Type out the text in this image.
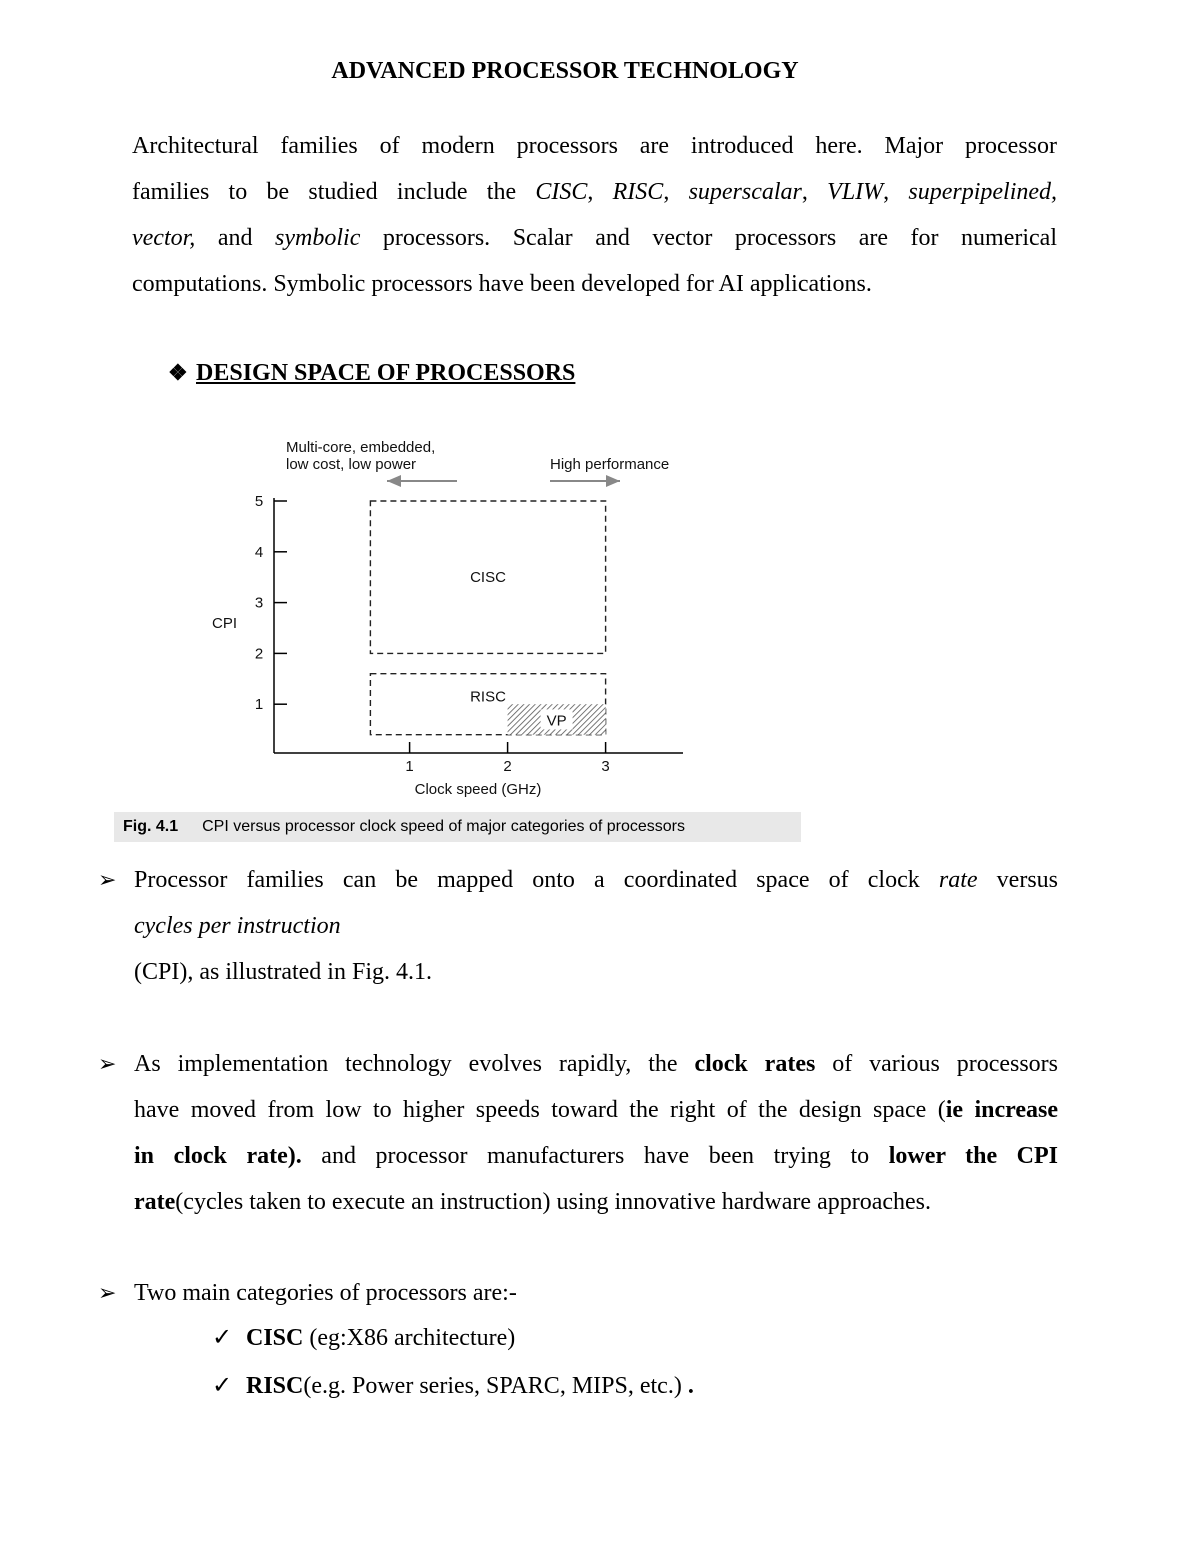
ADVANCED PROCESSOR TECHNOLOGY
Architectural families of modern processors are introduced here. Major processor
families to be studied include the CISC, RISC, superscalar, VLIW, superpipelined,
vector, and symbolic processors. Scalar and vector processors are for numerical
computations. Symbolic processors have been developed for AI applications.
❖ DESIGN SPACE OF PROCESSORS
Multi-core, embedded,
low cost, low power	High performance
1
2
3
4
5
1	2	3
CPI
Clock speed (GHz)
CISC
RISC
VP
Fig. 4.1 CPI versus processor clock speed of major categories of processors
➢ Processor families can be mapped onto a coordinated space of clock rate versus
cycles per instruction
(CPI), as illustrated in Fig. 4.1.
➢ As implementation technology evolves rapidly, the clock rates of various processors
have moved from low to higher speeds toward the right of the design space (ie increase
in clock rate). and processor manufacturers have been trying to lower the CPI
rate(cycles taken to execute an instruction) using innovative hardware approaches.
➢ Two main categories of processors are:-
✓ CISC (eg:X86 architecture)
✓ RISC(e.g. Power series, SPARC, MIPS, etc.) .
